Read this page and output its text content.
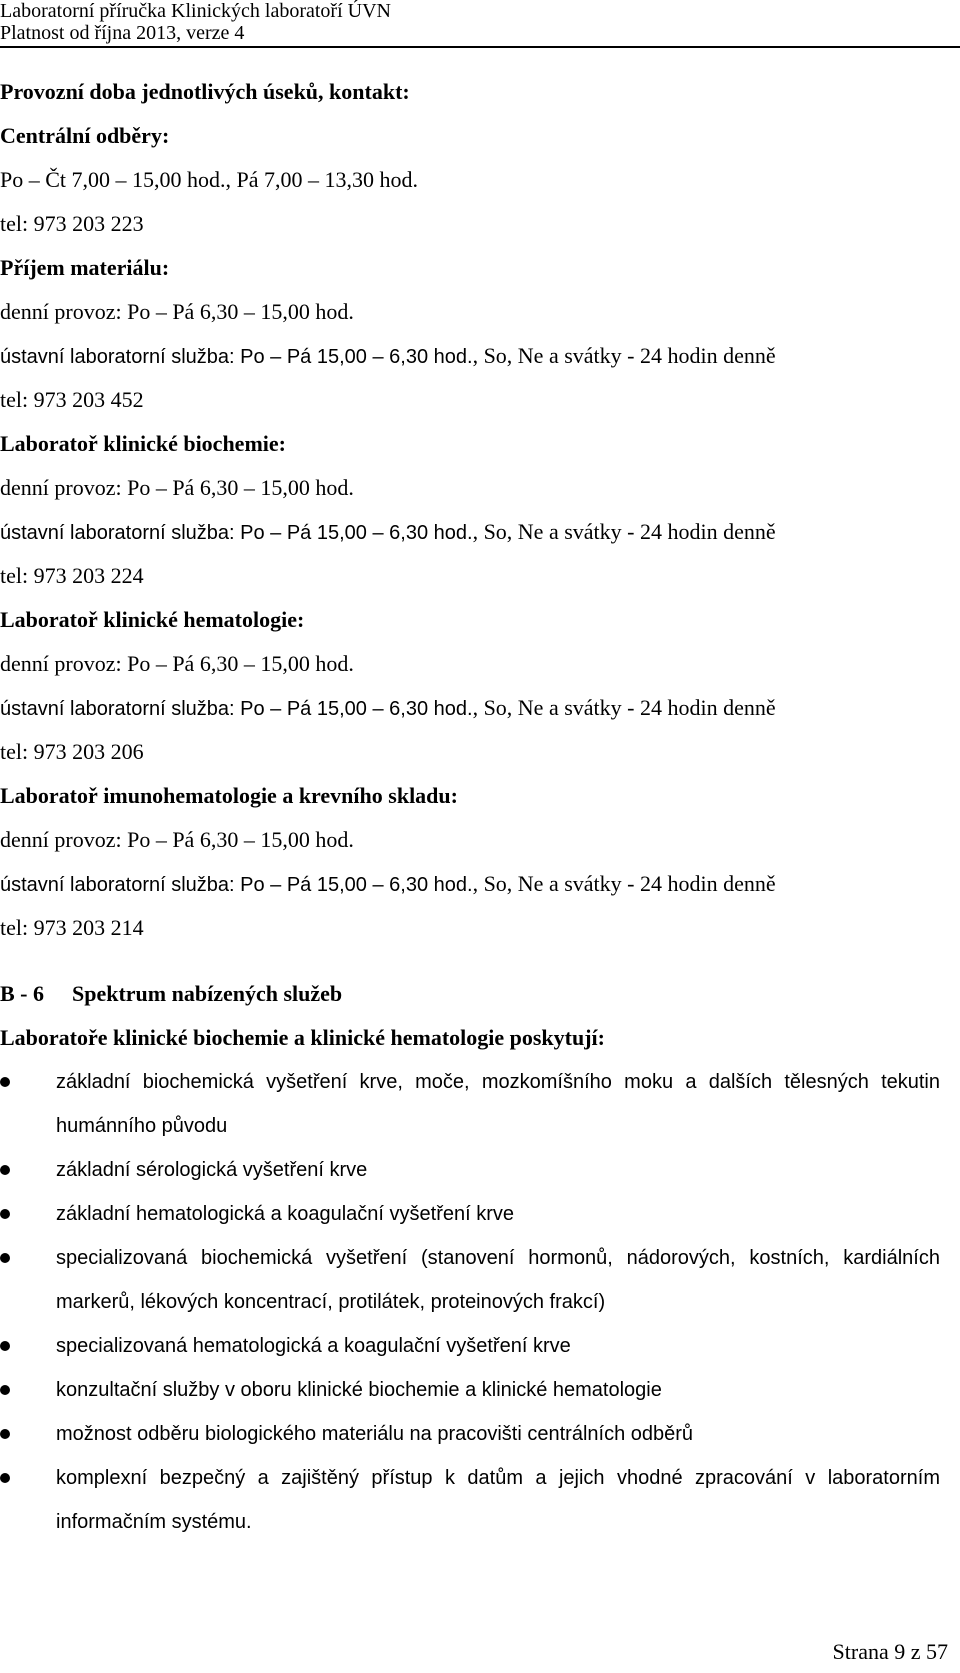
Laboratorní příručka Klinických laboratoří ÚVN
Platnost od října 2013, verze 4
Provozní doba jednotlivých úseků, kontakt:
Centrální odběry:
Po – Čt 7,00 – 15,00 hod., Pá 7,00 – 13,30 hod.
tel: 973 203 223
Příjem materiálu:
denní provoz: Po – Pá 6,30 – 15,00 hod.
ústavní laboratorní služba: Po – Pá 15,00 – 6,30 hod., So, Ne a svátky - 24 hodin denně
tel: 973 203 452
Laboratoř klinické biochemie:
denní provoz: Po – Pá 6,30 – 15,00 hod.
ústavní laboratorní služba: Po – Pá 15,00 – 6,30 hod., So, Ne a svátky - 24 hodin denně
tel: 973 203 224
Laboratoř klinické hematologie:
denní provoz: Po – Pá 6,30 – 15,00 hod.
ústavní laboratorní služba: Po – Pá 15,00 – 6,30 hod., So, Ne a svátky - 24 hodin denně
tel: 973 203 206
Laboratoř imunohematologie a krevního skladu:
denní provoz: Po – Pá 6,30 – 15,00 hod.
ústavní laboratorní služba: Po – Pá 15,00 – 6,30 hod., So, Ne a svátky - 24 hodin denně
tel: 973 203 214
B - 6 Spektrum nabízených služeb
Laboratoře klinické biochemie a klinické hematologie poskytují:
základní biochemická vyšetření krve, moče, mozkomíšního moku a dalších tělesných tekutin humánního původu
základní sérologická vyšetření krve
základní hematologická a koagulační vyšetření krve
specializovaná biochemická vyšetření (stanovení hormonů, nádorových, kostních, kardiálních markerů, lékových koncentrací, protilátek, proteinových frakcí)
specializovaná hematologická a koagulační vyšetření krve
konzultační služby v oboru klinické biochemie a klinické hematologie
možnost odběru biologického materiálu na pracovišti centrálních odběrů
komplexní bezpečný a zajištěný přístup k datům a jejich vhodné zpracování v laboratorním informačním systému.
Strana 9 z 57
